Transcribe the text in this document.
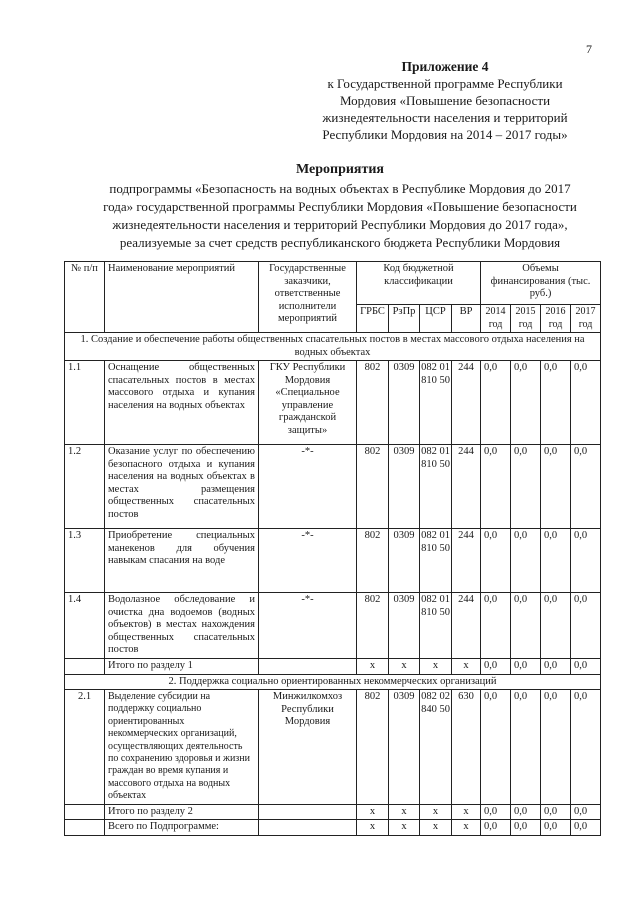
7
Приложение 4
к Государственной программе Республики
Мордовия «Повышение безопасности
жизнедеятельности населения и территорий
Республики Мордовия на 2014 – 2017 годы»
Мероприятия
подпрограммы «Безопасность на водных объектах в Республике Мордовия до 2017
года» государственной программы Республики Мордовия «Повышение безопасности
жизнедеятельности населения и территорий Республики Мордовия до 2017 года»,
реализуемые за счет средств республиканского бюджета Республики Мордовия
№ п/п	Наименование мероприятий	Государственные заказчики, ответственные исполнители мероприятий	Код бюджетной классификации				Объемы финансирования (тыс. руб.)			
			ГРБС	РзПр	ЦСР	ВР	2014 год	2015 год	2016 год	2017 год
1. Создание и обеспечение работы общественных спасательных постов в местах массового отдыха населения на водных объектах										
1.1	Оснащение общественных спасательных постов в местах массового отдыха и купания населения на водных объектах	ГКУ Республики Мордовия «Специальное управление гражданской защиты»	802	0309	082 01 810 50	244	0,0	0,0	0,0	0,0
1.2	Оказание услуг по обеспечению безопасного отдыха и купания населения на водных объектах в местах размещения общественных спасательных постов	-*-	802	0309	082 01 810 50	244	0,0	0,0	0,0	0,0
1.3	Приобретение специальных манекенов для обучения навыкам спасания на воде	-*-	802	0309	082 01 810 50	244	0,0	0,0	0,0	0,0
1.4	Водолазное обследование и очистка дна водоемов (водных объектов) в местах нахождения общественных спасательных постов	-*-	802	0309	082 01 810 50	244	0,0	0,0	0,0	0,0
	Итого по разделу 1		х	х	х	х	0,0	0,0	0,0	0,0
2. Поддержка социально ориентированных некоммерческих организаций										
2.1	Выделение субсидии на поддержку социально ориентированных некоммерческих организаций, осуществляющих деятельность по сохранению здоровья и жизни граждан во время купания и массового отдыха на водных объектах	Минжилкомхоз Республики Мордовия	802	0309	082 02 840 50	630	0,0	0,0	0,0	0,0
	Итого по разделу 2		х	х	х	х	0,0	0,0	0,0	0,0
	Всего по Подпрограмме:		х	х	х	х	0,0	0,0	0,0	0,0
